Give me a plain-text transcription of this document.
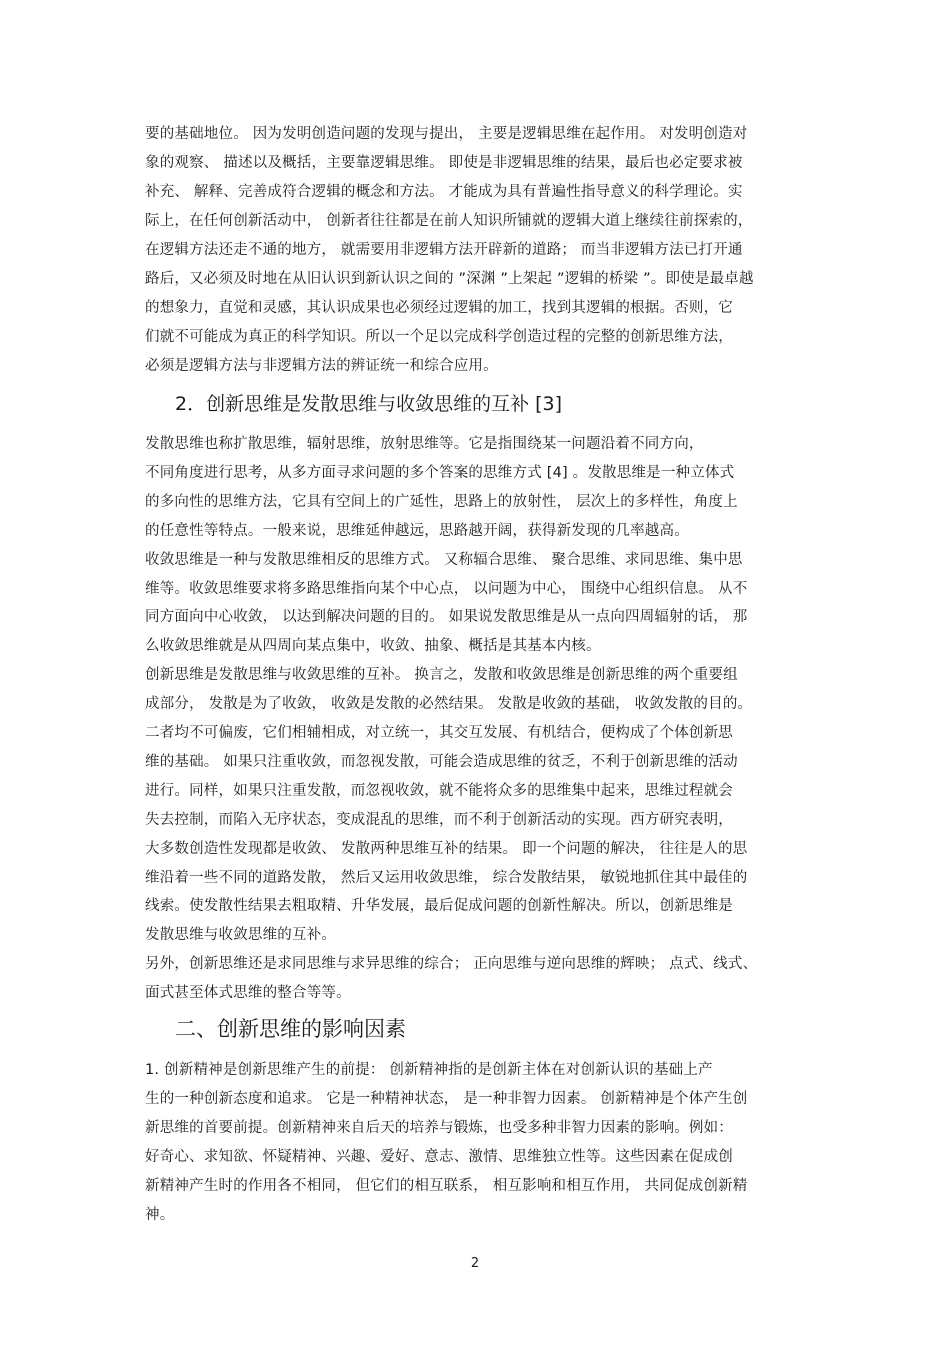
要的基础地位。 因为发明创造问题的发现与提出， 主要是逻辑思维在起作用。 对发明创造对
象的观察、 描述以及概括，主要靠逻辑思维。 即使是非逻辑思维的结果，最后也必定要求被
补充、 解释、完善成符合逻辑的概念和方法。 才能成为具有普遍性指导意义的科学理论。实
际上，在任何创新活动中， 创新者往往都是在前人知识所铺就的逻辑大道上继续往前探索的，
在逻辑方法还走不通的地方， 就需要用非逻辑方法开辟新的道路； 而当非逻辑方法已打开通
路后，又必须及时地在从旧认识到新认识之间的 ”深渊 ”上架起 ”逻辑的桥梁 ”。即使是最卓越
的想象力，直觉和灵感，其认识成果也必须经过逻辑的加工，找到其逻辑的根据。否则，它
们就不可能成为真正的科学知识。所以一个足以完成科学创造过程的完整的创新思维方法，
必须是逻辑方法与非逻辑方法的辨证统一和综合应用。
2．创新思维是发散思维与收敛思维的互补 [3]
发散思维也称扩散思维，辐射思维，放射思维等。它是指围绕某一问题沿着不同方向，
不同角度进行思考，从多方面寻求问题的多个答案的思维方式 [4] 。发散思维是一种立体式
的多向性的思维方法，它具有空间上的广延性，思路上的放射性， 层次上的多样性，角度上
的任意性等特点。一般来说，思维延伸越远，思路越开阔，获得新发现的几率越高。
收敛思维是一种与发散思维相反的思维方式。 又称辐合思维、 聚合思维、求同思维、集中思
维等。收敛思维要求将多路思维指向某个中心点， 以问题为中心， 围绕中心组织信息。 从不
同方面向中心收敛， 以达到解决问题的目的。 如果说发散思维是从一点向四周辐射的话， 那
么收敛思维就是从四周向某点集中，收敛、抽象、概括是其基本内核。
创新思维是发散思维与收敛思维的互补。 换言之，发散和收敛思维是创新思维的两个重要组
成部分， 发散是为了收敛， 收敛是发散的必然结果。 发散是收敛的基础， 收敛发散的目的。
二者均不可偏废，它们相辅相成，对立统一，其交互发展、有机结合，便构成了个体创新思
维的基础。 如果只注重收敛，而忽视发散，可能会造成思维的贫乏，不利于创新思维的活动
进行。同样，如果只注重发散，而忽视收敛，就不能将众多的思维集中起来，思维过程就会
失去控制，而陷入无序状态，变成混乱的思维，而不利于创新活动的实现。西方研究表明，
大多数创造性发现都是收敛、 发散两种思维互补的结果。 即一个问题的解决， 往往是人的思
维沿着一些不同的道路发散， 然后又运用收敛思维， 综合发散结果， 敏锐地抓住其中最佳的
线索。使发散性结果去粗取精、升华发展，最后促成问题的创新性解决。所以，创新思维是
发散思维与收敛思维的互补。
另外，创新思维还是求同思维与求异思维的综合； 正向思维与逆向思维的辉映； 点式、线式、
面式甚至体式思维的整合等等。
二、创新思维的影响因素
1. 创新精神是创新思维产生的前提： 创新精神指的是创新主体在对创新认识的基础上产
生的一种创新态度和追求。 它是一种精神状态， 是一种非智力因素。 创新精神是个体产生创
新思维的首要前提。创新精神来自后天的培养与锻炼，也受多种非智力因素的影响。例如：
好奇心、求知欲、怀疑精神、兴趣、爱好、意志、激情、思维独立性等。这些因素在促成创
新精神产生时的作用各不相同， 但它们的相互联系， 相互影响和相互作用， 共同促成创新精
神。
2
